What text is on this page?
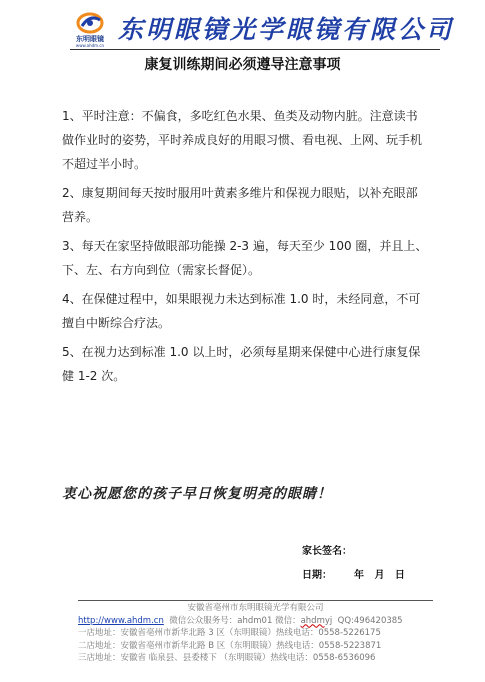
东明眼镜
www.ahdm.cn
东明眼镜光学眼镜有限公司
康复训练期间必须遵导注意事项

1、平时注意：不偏食，多吃红色水果、鱼类及动物内脏。注意读书做作业时的姿势，平时养成良好的用眼习惯、看电视、上网、玩手机不超过半小时。

2、康复期间每天按时服用叶黄素多维片和保视力眼贴，以补充眼部营养。

3、每天在家坚持做眼部功能操 2-3 遍，每天至少 100 圈，并且上、下、左、右方向到位（需家长督促）。

4、在保健过程中，如果眼视力未达到标准 1.0 时，未经同意，不可擅自中断综合疗法。

5、在视力达到标准 1.0 以上时，必须每星期来保健中心进行康复保健 1-2 次。

衷心祝愿您的孩子早日恢复明亮的眼睛！
家长签名：
日期： 年 月 日
安徽省亳州市东明眼镜光学有限公司
http://www.ahdm.cn 微信公众服务号：ahdm01 微信：ahdmyj QQ:496420385
一店地址：安徽省亳州市新华北路 3 区（东明眼镜）热线电话：0558-5226175
二店地址：安徽省亳州市新华北路 B 区（东明眼镜）热线电话：0558-5223871
三店地址：安徽省 临泉县、县委楼下 （东明眼镜）热线电话：0558-6536096
